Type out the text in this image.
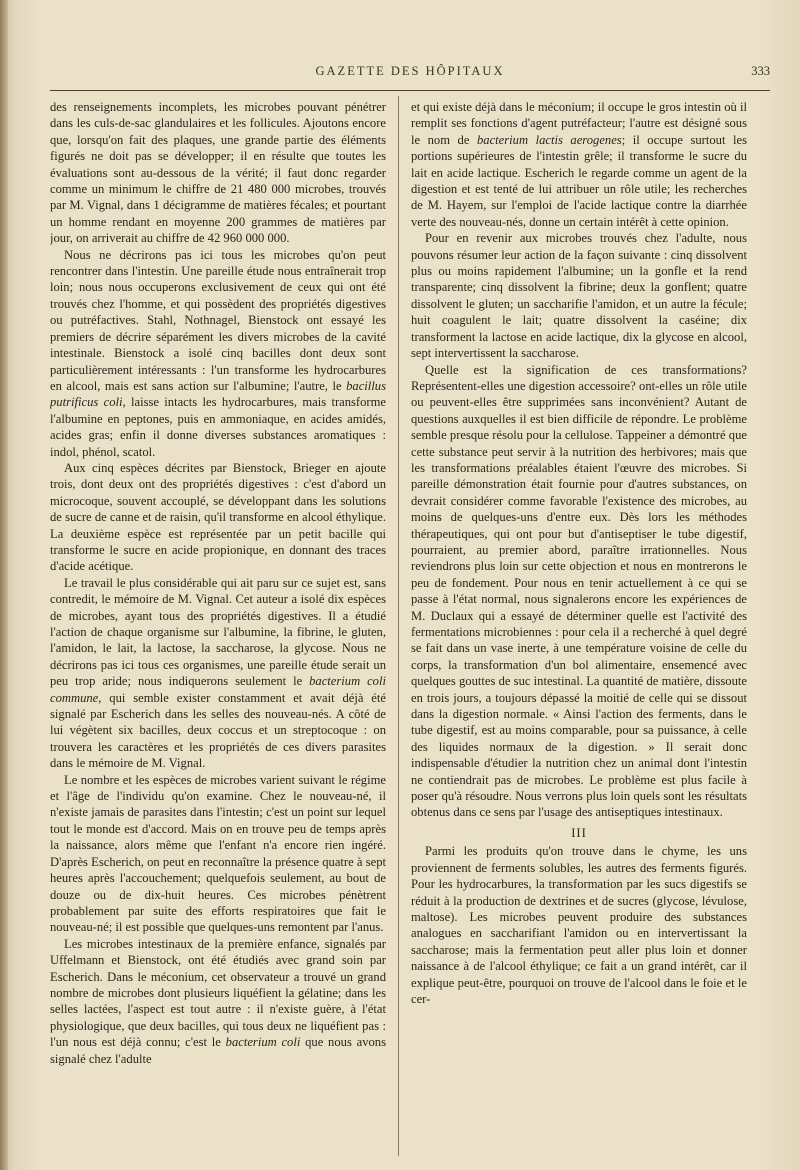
GAZETTE DES HÔPITAUX	333

des renseignements incomplets, les microbes pouvant pénétrer dans les culs-de-sac glandulaires et les follicules. Ajoutons encore que, lorsqu'on fait des plaques, une grande partie des éléments figurés ne doit pas se développer; il en résulte que toutes les évaluations sont au-dessous de la vérité; il faut donc regarder comme un minimum le chiffre de 21 480 000 microbes, trouvés par M. Vignal, dans 1 décigramme de matières fécales; et pourtant un homme rendant en moyenne 200 grammes de matières par jour, on arriverait au chiffre de 42 960 000 000.

Nous ne décrirons pas ici tous les microbes qu'on peut rencontrer dans l'intestin. Une pareille étude nous entraînerait trop loin; nous nous occuperons exclusivement de ceux qui ont été trouvés chez l'homme, et qui possèdent des propriétés digestives ou putréfactives. Stahl, Nothnagel, Bienstock ont essayé les premiers de décrire séparément les divers microbes de la cavité intestinale. Bienstock a isolé cinq bacilles dont deux sont particulièrement intéressants : l'un transforme les hydrocarbures en alcool, mais est sans action sur l'albumine; l'autre, le bacillus putrificus coli, laisse intacts les hydrocarbures, mais transforme l'albumine en peptones, puis en ammoniaque, en acides amidés, acides gras; enfin il donne diverses substances aromatiques : indol, phénol, scatol.

Aux cinq espèces décrites par Bienstock, Brieger en ajoute trois, dont deux ont des propriétés digestives : c'est d'abord un microcoque, souvent accouplé, se développant dans les solutions de sucre de canne et de raisin, qu'il transforme en alcool éthylique. La deuxième espèce est représentée par un petit bacille qui transforme le sucre en acide propionique, en donnant des traces d'acide acétique.

Le travail le plus considérable qui ait paru sur ce sujet est, sans contredit, le mémoire de M. Vignal. Cet auteur a isolé dix espèces de microbes, ayant tous des propriétés digestives. Il a étudié l'action de chaque organisme sur l'albumine, la fibrine, le gluten, l'amidon, le lait, la lactose, la saccharose, la glycose. Nous ne décrirons pas ici tous ces organismes, une pareille étude serait un peu trop aride; nous indiquerons seulement le bacterium coli commune, qui semble exister constamment et avait déjà été signalé par Escherich dans les selles des nouveau-nés. A côté de lui végètent six bacilles, deux coccus et un streptocoque : on trouvera les caractères et les propriétés de ces divers parasites dans le mémoire de M. Vignal.

Le nombre et les espèces de microbes varient suivant le régime et l'âge de l'individu qu'on examine. Chez le nouveau-né, il n'existe jamais de parasites dans l'intestin; c'est un point sur lequel tout le monde est d'accord. Mais on en trouve peu de temps après la naissance, alors même que l'enfant n'a encore rien ingéré. D'après Escherich, on peut en reconnaître la présence quatre à sept heures après l'accouchement; quelquefois seulement, au bout de douze ou de dix-huit heures. Ces microbes pénètrent probablement par suite des efforts respiratoires que fait le nouveau-né; il est possible que quelques-uns remontent par l'anus.

Les microbes intestinaux de la première enfance, signalés par Uffelmann et Bienstock, ont été étudiés avec grand soin par Escherich. Dans le méconium, cet observateur a trouvé un grand nombre de microbes dont plusieurs liquéfient la gélatine; dans les selles lactées, l'aspect est tout autre : il n'existe guère, à l'état physiologique, que deux bacilles, qui tous deux ne liquéfient pas : l'un nous est déjà connu; c'est le bacterium coli que nous avons signalé chez l'adulte

et qui existe déjà dans le méconium; il occupe le gros intestin où il remplit ses fonctions d'agent putréfacteur; l'autre est désigné sous le nom de bacterium lactis aerogenes; il occupe surtout les portions supérieures de l'intestin grêle; il transforme le sucre du lait en acide lactique. Escherich le regarde comme un agent de la digestion et est tenté de lui attribuer un rôle utile; les recherches de M. Hayem, sur l'emploi de l'acide lactique contre la diarrhée verte des nouveau-nés, donne un certain intérêt à cette opinion.

Pour en revenir aux microbes trouvés chez l'adulte, nous pouvons résumer leur action de la façon suivante : cinq dissolvent plus ou moins rapidement l'albumine; un la gonfle et la rend transparente; cinq dissolvent la fibrine; deux la gonflent; quatre dissolvent le gluten; un saccharifie l'amidon, et un autre la fécule; huit coagulent le lait; quatre dissolvent la caséine; dix transforment la lactose en acide lactique, dix la glycose en alcool, sept intervertissent la saccharose.

Quelle est la signification de ces transformations? Représentent-elles une digestion accessoire? ont-elles un rôle utile ou peuvent-elles être supprimées sans inconvénient? Autant de questions auxquelles il est bien difficile de répondre. Le problème semble presque résolu pour la cellulose. Tappeiner a démontré que cette substance peut servir à la nutrition des herbivores; mais que les transformations préalables étaient l'œuvre des microbes. Si pareille démonstration était fournie pour d'autres substances, on devrait considérer comme favorable l'existence des microbes, au moins de quelques-uns d'entre eux. Dès lors les méthodes thérapeutiques, qui ont pour but d'antiseptiser le tube digestif, pourraient, au premier abord, paraître irrationnelles. Nous reviendrons plus loin sur cette objection et nous en montrerons le peu de fondement. Pour nous en tenir actuellement à ce qui se passe à l'état normal, nous signalerons encore les expériences de M. Duclaux qui a essayé de déterminer quelle est l'activité des fermentations microbiennes : pour cela il a recherché à quel degré se fait dans un vase inerte, à une température voisine de celle du corps, la transformation d'un bol alimentaire, ensemencé avec quelques gouttes de suc intestinal. La quantité de matière, dissoute en trois jours, a toujours dépassé la moitié de celle qui se dissout dans la digestion normale. « Ainsi l'action des ferments, dans le tube digestif, est au moins comparable, pour sa puissance, à celle des liquides normaux de la digestion. » Il serait donc indispensable d'étudier la nutrition chez un animal dont l'intestin ne contiendrait pas de microbes. Le problème est plus facile à poser qu'à résoudre. Nous verrons plus loin quels sont les résultats obtenus dans ce sens par l'usage des antiseptiques intestinaux.

III

Parmi les produits qu'on trouve dans le chyme, les uns proviennent de ferments solubles, les autres des ferments figurés. Pour les hydrocarbures, la transformation par les sucs digestifs se réduit à la production de dextrines et de sucres (glycose, lévulose, maltose). Les microbes peuvent produire des substances analogues en saccharifiant l'amidon ou en intervertissant la saccharose; mais la fermentation peut aller plus loin et donner naissance à de l'alcool éthylique; ce fait a un grand intérêt, car il explique peut-être, pourquoi on trouve de l'alcool dans le foie et le cer-
